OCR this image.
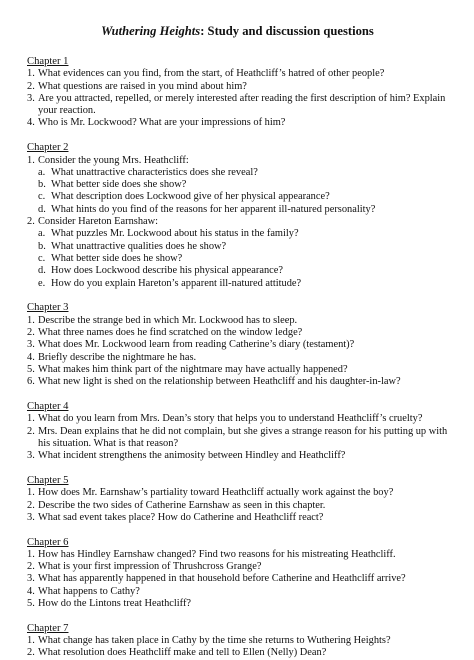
Wuthering Heights: Study and discussion questions
Chapter 1
1. What evidences can you find, from the start, of Heathcliff’s hatred of other people?
2. What questions are raised in you mind about him?
3. Are you attracted, repelled, or merely interested after reading the first description of him? Explain your reaction.
4. Who is Mr. Lockwood? What are your impressions of him?
Chapter 2
1. Consider the young Mrs. Heathcliff:
a. What unattractive characteristics does she reveal?
b. What better side does she show?
c. What description does Lockwood give of her physical appearance?
d. What hints do you find of the reasons for her apparent ill-natured personality?
2. Consider Hareton Earnshaw:
a. What puzzles Mr. Lockwood about his status in the family?
b. What unattractive qualities does he show?
c. What better side does he show?
d. How does Lockwood describe his physical appearance?
e. How do you explain Hareton’s apparent ill-natured attitude?
Chapter 3
1. Describe the strange bed in which Mr. Lockwood has to sleep.
2. What three names does he find scratched on the window ledge?
3. What does Mr. Lockwood learn from reading Catherine’s diary (testament)?
4. Briefly describe the nightmare he has.
5. What makes him think part of the nightmare may have actually happened?
6. What new light is shed on the relationship between Heathcliff and his daughter-in-law?
Chapter 4
1. What do you learn from Mrs. Dean’s story that helps you to understand Heathcliff’s cruelty?
2. Mrs. Dean explains that he did not complain, but she gives a strange reason for his putting up with his situation. What is that reason?
3. What incident strengthens the animosity between Hindley and Heathcliff?
Chapter 5
1. How does Mr. Earnshaw’s partiality toward Heathcliff actually work against the boy?
2. Describe the two sides of Catherine Earnshaw as seen in this chapter.
3. What sad event takes place? How do Catherine and Heathcliff react?
Chapter 6
1. How has Hindley Earnshaw changed? Find two reasons for his mistreating Heathcliff.
2. What is your first impression of Thrushcross Grange?
3. What has apparently happened in that household before Catherine and Heathcliff arrive?
4. What happens to Cathy?
5. How do the Lintons treat Heathcliff?
Chapter 7
1. What change has taken place in Cathy by the time she returns to Wuthering Heights?
2. What resolution does Heathcliff make and tell to Ellen (Nelly) Dean?
